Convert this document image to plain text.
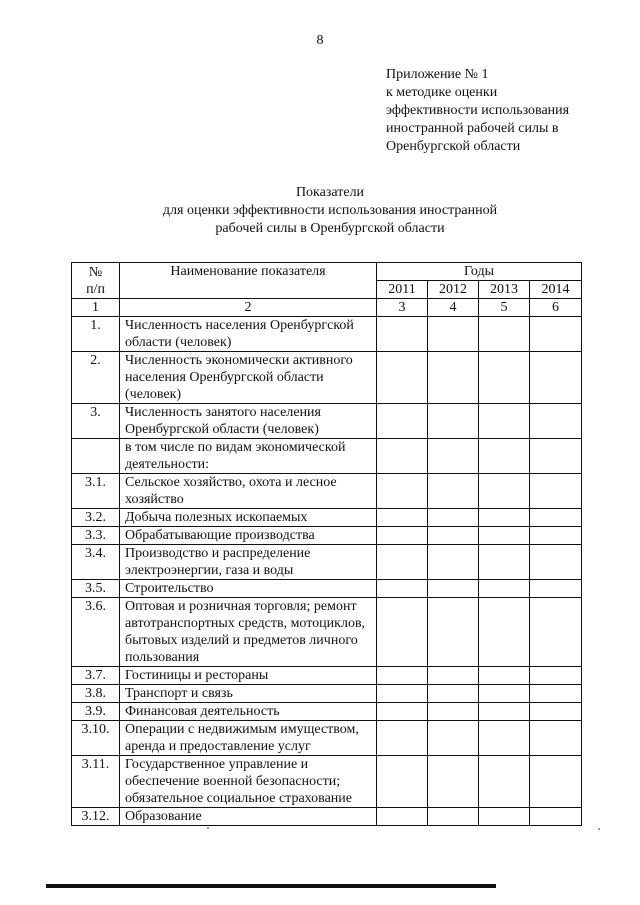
8
Приложение № 1
к методике оценки
эффективности использования
иностранной рабочей силы в
Оренбургской области
Показатели
для оценки эффективности использования иностранной
рабочей силы в Оренбургской области
№
п/п	Наименование показателя	Годы			
		2011	2012	2013	2014
1	2	3	4	5	6
1.	Численность населения Оренбургской области (человек)				
2.	Численность экономически активного населения Оренбургской области (человек)				
3.	Численность занятого населения Оренбургской области (человек)				
	в том числе по видам экономической деятельности:				
3.1.	Сельское хозяйство, охота и лесное хозяйство				
3.2.	Добыча полезных ископаемых				
3.3.	Обрабатывающие производства				
3.4.	Производство и распределение электроэнергии, газа и воды				
3.5.	Строительство				
3.6.	Оптовая и розничная торговля; ремонт автотранспортных средств, мотоциклов, бытовых изделий и предметов личного пользования				
3.7.	Гостиницы и рестораны				
3.8.	Транспорт и связь				
3.9.	Финансовая деятельность				
3.10.	Операции с недвижимым имуществом, аренда и предоставление услуг				
3.11.	Государственное управление и обеспечение военной безопасности; обязательное социальное страхование				
3.12.	Образование				
